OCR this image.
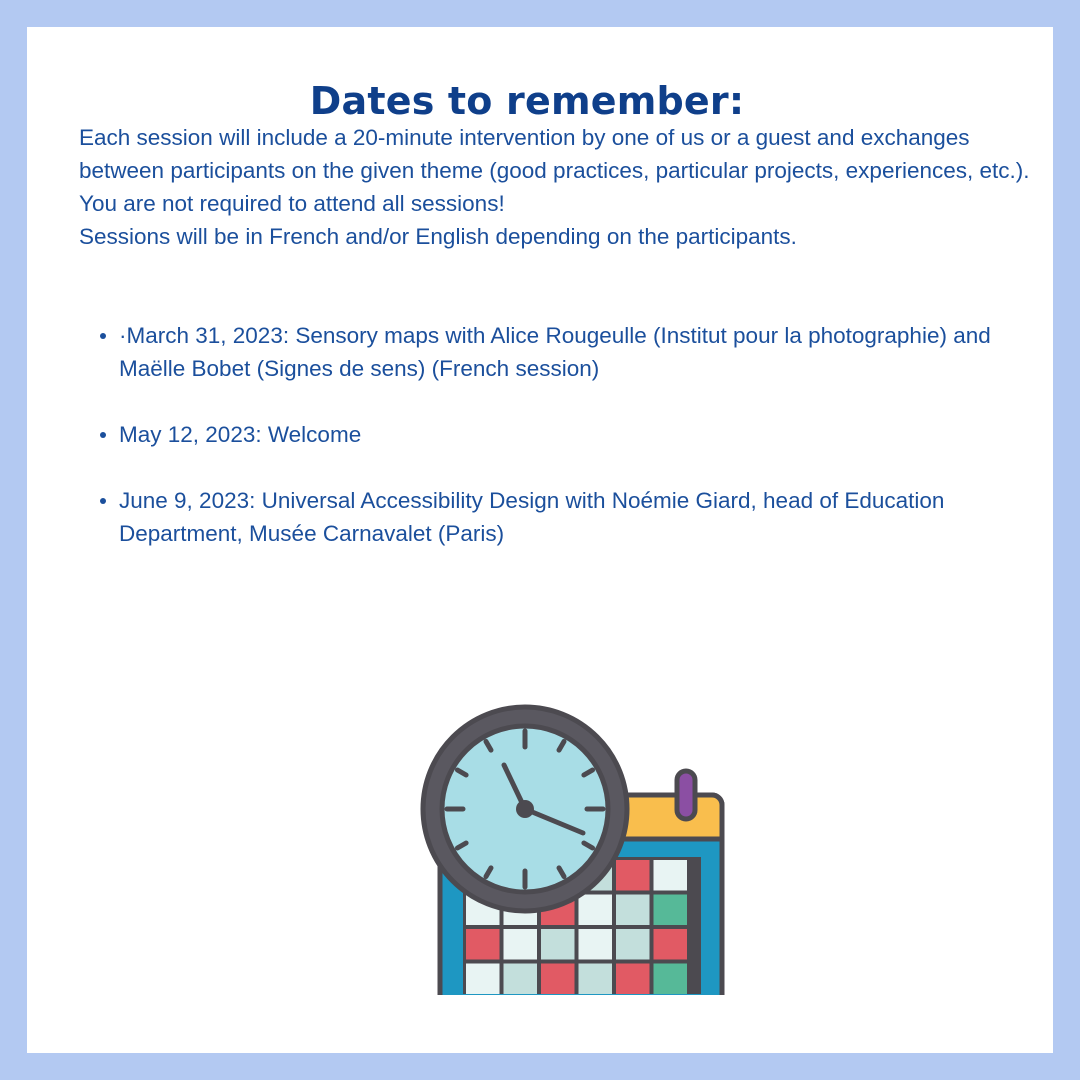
Dates to remember:

Each session will include a 20-minute intervention by one of us or a guest and exchanges between participants on the given theme (good practices, particular projects, experiences, etc.).

You are not required to attend all sessions!

Sessions will be in French and/or English depending on the participants.

·March 31, 2023: Sensory maps with Alice Rougeulle (Institut pour la photographie) and Maëlle Bobet (Signes de sens) (French session)
May 12, 2023: Welcome
June 9, 2023: Universal Accessibility Design with Noémie Giard, head of Education Department, Musée Carnavalet (Paris)
